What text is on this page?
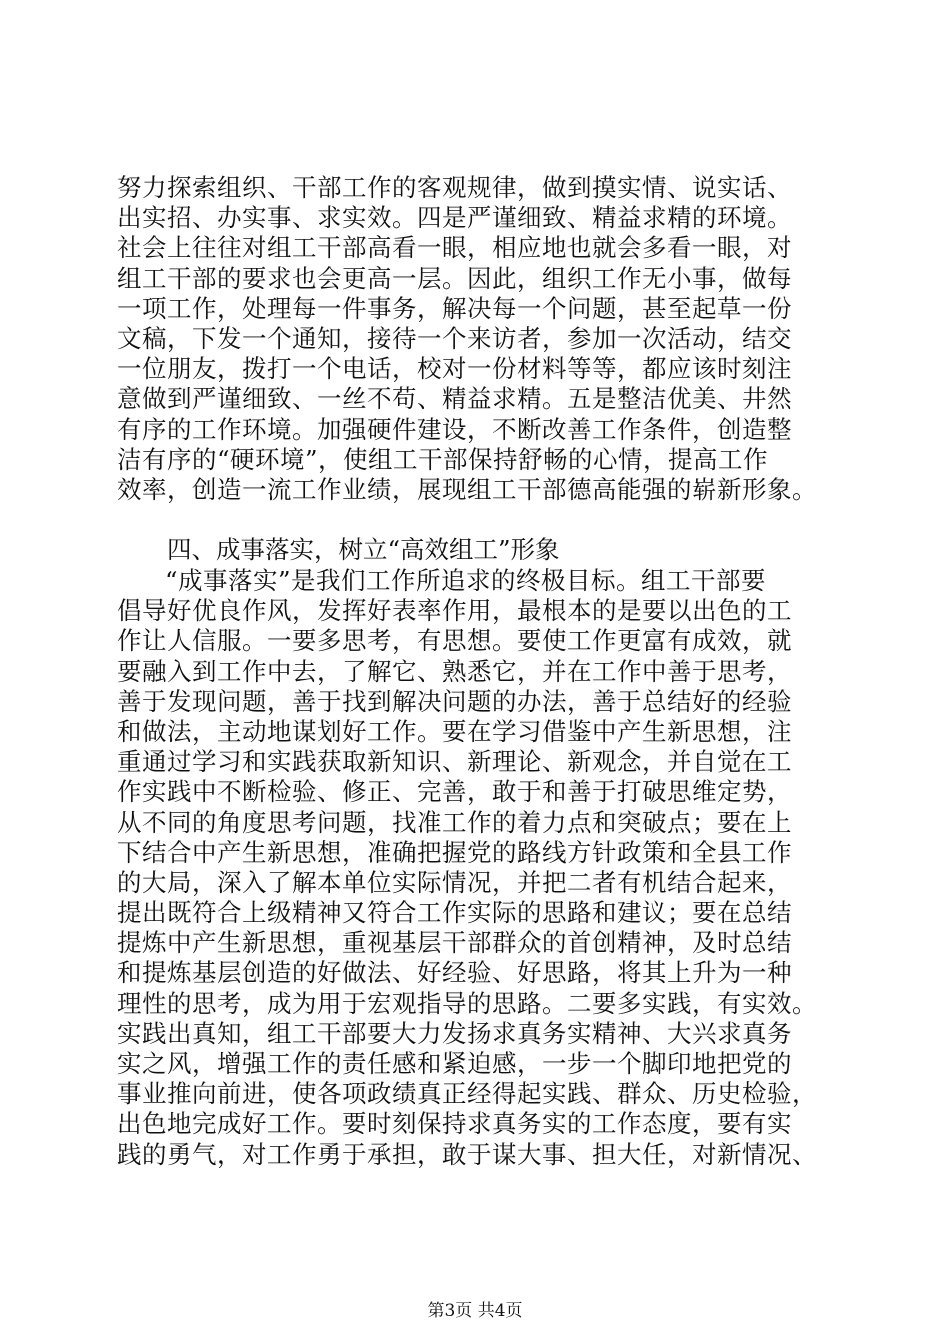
努力探索组织、干部工作的客观规律，做到摸实情、说实话、
出实招、办实事、求实效。四是严谨细致、精益求精的环境。
社会上往往对组工干部高看一眼，相应地也就会多看一眼，对
组工干部的要求也会更高一层。因此，组织工作无小事，做每
一项工作，处理每一件事务，解决每一个问题，甚至起草一份
文稿，下发一个通知，接待一个来访者，参加一次活动，结交
一位朋友，拨打一个电话，校对一份材料等等，都应该时刻注
意做到严谨细致、一丝不苟、精益求精。五是整洁优美、井然
有序的工作环境。加强硬件建设，不断改善工作条件，创造整
洁有序的“硬环境”，使组工干部保持舒畅的心情，提高工作
效率，创造一流工作业绩，展现组工干部德高能强的崭新形象。
四、成事落实，树立“高效组工”形象
“成事落实”是我们工作所追求的终极目标。组工干部要
倡导好优良作风，发挥好表率作用，最根本的是要以出色的工
作让人信服。一要多思考，有思想。要使工作更富有成效，就
要融入到工作中去，了解它、熟悉它，并在工作中善于思考，
善于发现问题，善于找到解决问题的办法，善于总结好的经验
和做法，主动地谋划好工作。要在学习借鉴中产生新思想，注
重通过学习和实践获取新知识、新理论、新观念，并自觉在工
作实践中不断检验、修正、完善，敢于和善于打破思维定势，
从不同的角度思考问题，找准工作的着力点和突破点；要在上
下结合中产生新思想，准确把握党的路线方针政策和全县工作
的大局，深入了解本单位实际情况，并把二者有机结合起来，
提出既符合上级精神又符合工作实际的思路和建议；要在总结
提炼中产生新思想，重视基层干部群众的首创精神，及时总结
和提炼基层创造的好做法、好经验、好思路，将其上升为一种
理性的思考，成为用于宏观指导的思路。二要多实践，有实效。
实践出真知，组工干部要大力发扬求真务实精神、大兴求真务
实之风，增强工作的责任感和紧迫感，一步一个脚印地把党的
事业推向前进，使各项政绩真正经得起实践、群众、历史检验，
出色地完成好工作。要时刻保持求真务实的工作态度，要有实
践的勇气，对工作勇于承担，敢于谋大事、担大任，对新情况、
第3页 共4页
